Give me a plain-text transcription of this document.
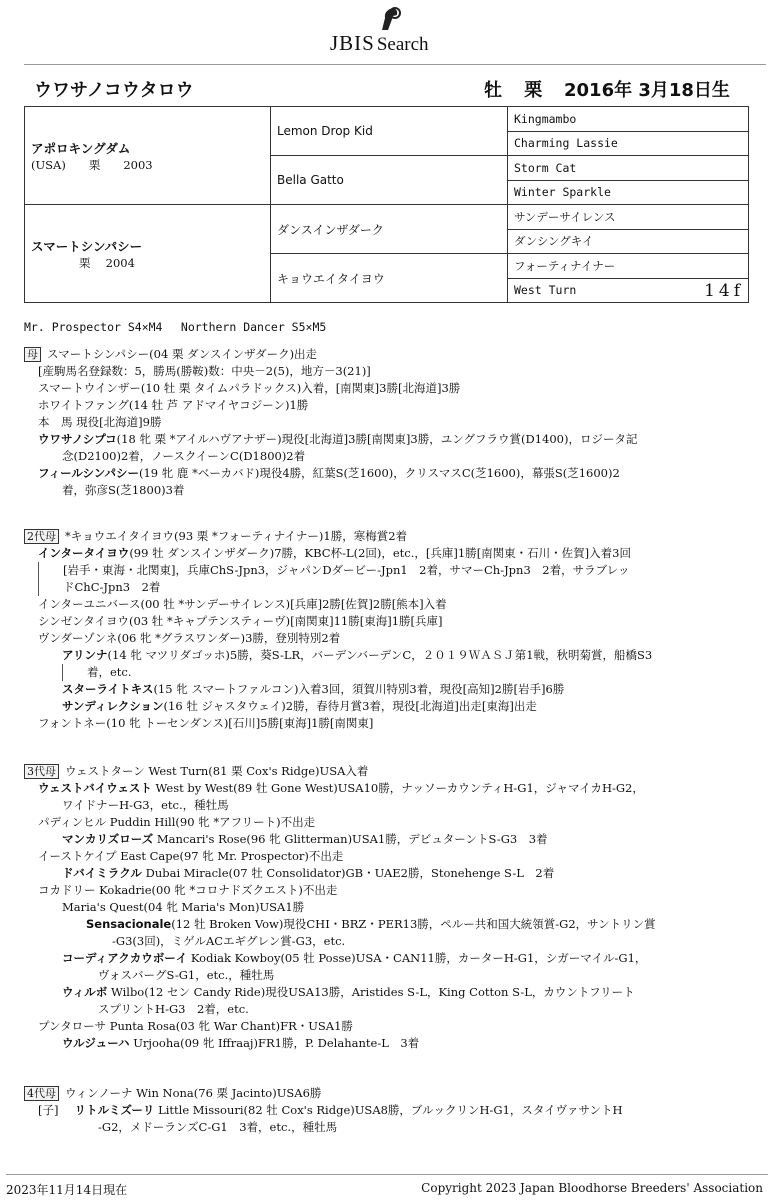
JBIS Search
ウワサノコウタロウ	牡 栗 2016年 3月18日生
アポロキングダム
(USA)　　栗　　2003	Lemon Drop Kid	Kingmambo
		Charming Lassie
	Bella Gatto	Storm Cat
		Winter Sparkle

スマートシンパシー
栗　 2004	ダンスインザダーク	サンデーサイレンス
		ダンシングキイ
	キョウエイタイヨウ	フォーティナイナー
		West Turn 14f
Mr. Prospector S4×M4　 Northern Dancer S5×M5
母 スマートシンパシー(04 栗 ダンスインザダーク)出走
[産駒馬名登録数：5，勝馬(勝鞍)数：中央－2(5)，地方－3(21)]
スマートウインザー(10 牡 栗 タイムパラドックス)入着，[南関東]3勝[北海道]3勝
ホワイトファング(14 牡 芦 アドマイヤコジーン)1勝
本　馬 現役[北海道]9勝
ウワサノシプコ(18 牝 栗 *アイルハヴアナザー)現役[北海道]3勝[南関東]3勝，ユングフラウ賞(D1400)，ロジータ記
念(D2100)2着，ノースクイーンC(D1800)2着
フィールシンパシー(19 牝 鹿 *ベーカバド)現役4勝，紅葉S(芝1600)，クリスマスC(芝1600)，幕張S(芝1600)2
着，弥彦S(芝1800)3着
2代母 *キョウエイタイヨウ(93 栗 *フォーティナイナー)1勝，寒梅賞2着
インタータイヨウ(99 牡 ダンスインザダーク)7勝，KBC杯-L(2回)，etc.，[兵庫]1勝[南関東・石川・佐賀]入着3回
[岩手・東海・北関東]，兵庫ChS-Jpn3，ジャパンDダービー-Jpn1　2着，サマーCh-Jpn3　2着，サラブレッ
ドChC-Jpn3　2着
インターユニバース(00 牡 *サンデーサイレンス)[兵庫]2勝[佐賀]2勝[熊本]入着
シンゼンタイヨウ(03 牡 *キャプテンスティーヴ)[南関東]11勝[東海]1勝[兵庫]
ヴンダーゾンネ(06 牝 *グラスワンダー)3勝，登別特別2着
アリンナ(14 牝 マツリダゴッホ)5勝，葵S-LR，バーデンバーデンC，２０１９ＷＡＳＪ第1戦，秋明菊賞，船橋S3
着，etc.
スターライトキス(15 牝 スマートファルコン)入着3回，須賀川特別3着，現役[高知]2勝[岩手]6勝
サンディレクション(16 牡 ジャスタウェイ)2勝，春待月賞3着，現役[北海道]出走[東海]出走
フォントネー(10 牝 トーセンダンス)[石川]5勝[東海]1勝[南関東]
3代母 ウェストターン West Turn(81 栗 Cox's Ridge)USA入着
ウェストバイウェスト West by West(89 牡 Gone West)USA10勝，ナッソーカウンティH-G1，ジャマイカH-G2，
ワイドナーH-G3，etc.，種牡馬
パディンヒル Puddin Hill(90 牝 *アフリート)不出走
マンカリズローズ Mancari's Rose(96 牝 Glitterman)USA1勝，デビュターントS-G3　3着
イーストケイプ East Cape(97 牝 Mr. Prospector)不出走
ドバイミラクル Dubai Miracle(07 牡 Consolidator)GB・UAE2勝，Stonehenge S-L　2着
コカドリー Kokadrie(00 牝 *コロナドズクエスト)不出走
Maria's Quest(04 牝 Maria's Mon)USA1勝
Sensacionale(12 牡 Broken Vow)現役CHI・BRZ・PER13勝，ペルー共和国大統領賞-G2，サントリン賞
-G3(3回)，ミゲルACエギグレン賞-G3，etc.
コーディアクカウボーイ Kodiak Kowboy(05 牡 Posse)USA・CAN11勝，カーターH-G1，シガーマイル-G1，
ヴォスバーグS-G1，etc.，種牡馬
ウィルボ Wilbo(12 セン Candy Ride)現役USA13勝，Aristides S-L，King Cotton S-L，カウントフリート
スプリントH-G3　2着，etc.
プンタローサ Punta Rosa(03 牝 War Chant)FR・USA1勝
ウルジューハ Urjooha(09 牝 Iffraaj)FR1勝，P. Delahante-L　3着
4代母 ウィンノーナ Win Nona(76 栗 Jacinto)USA6勝
[子] リトルミズーリ Little Missouri(82 牡 Cox's Ridge)USA8勝，ブルックリンH-G1，スタイヴァサントH
-G2，メドーランズC-G1　3着，etc.，種牡馬
2023年11月14日現在	Copyright 2023 Japan Bloodhorse Breeders' Association
